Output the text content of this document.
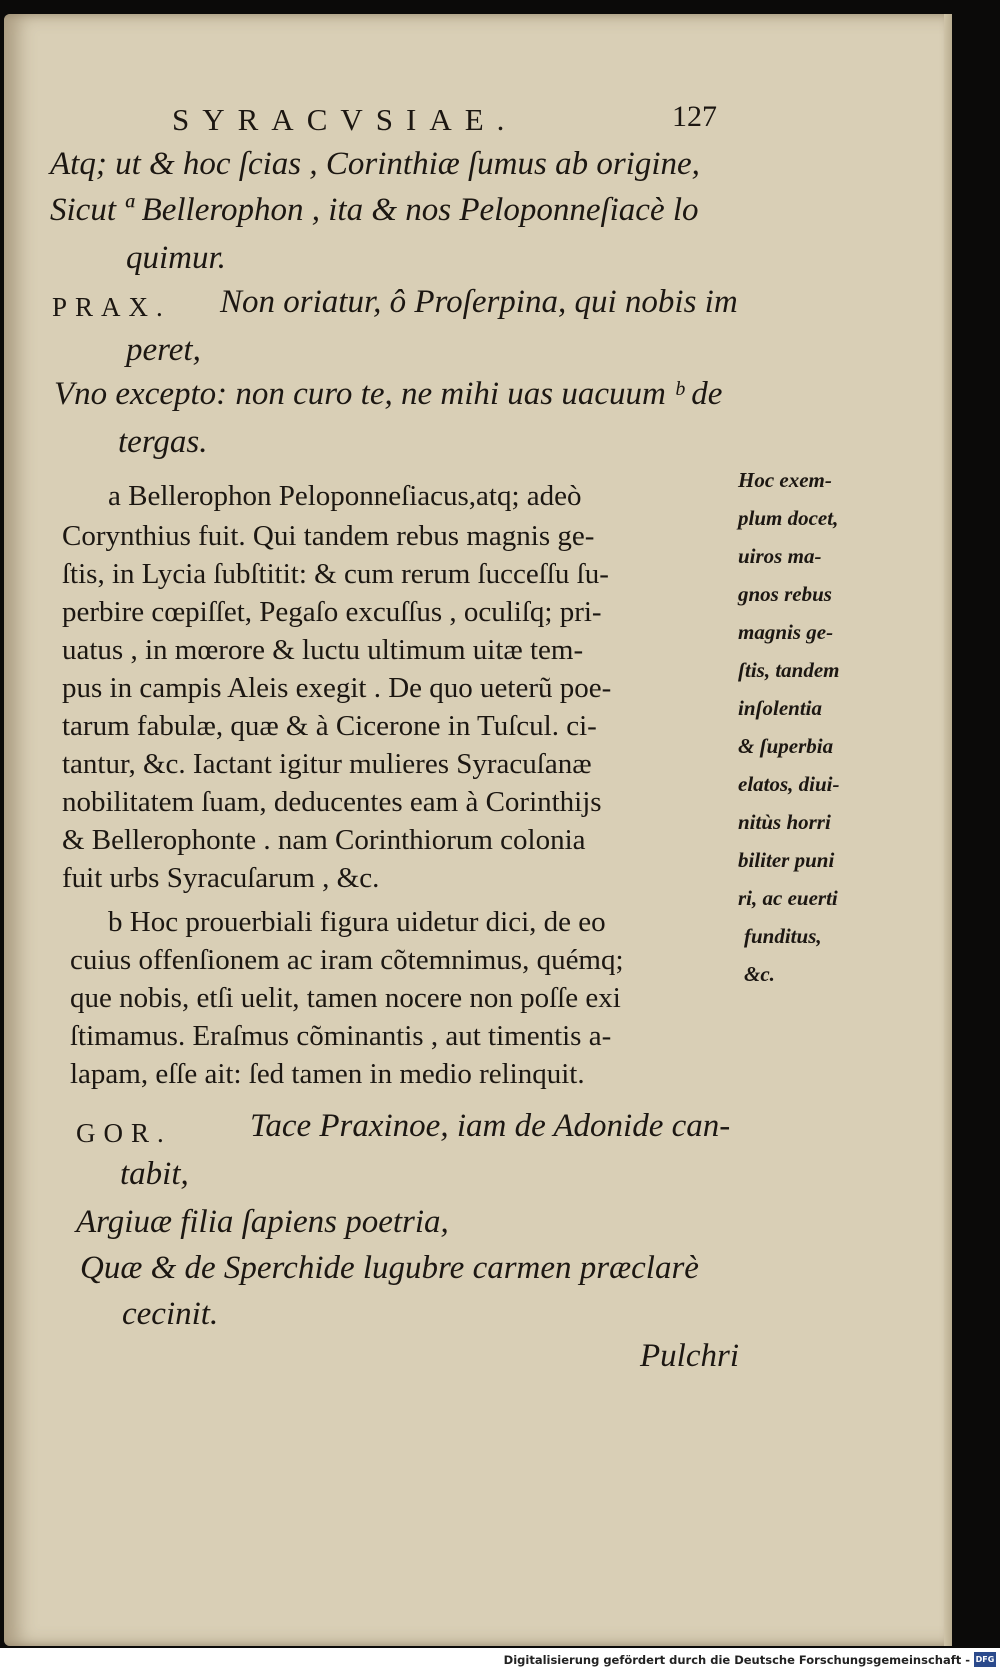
SYRACVSIAE.	127
Atq; ut & hoc ſcias , Corinthiæ ſumus ab origine,
Sicut ª Bellerophon , ita & nos Peloponneſiacè lo
quimur.
PRAX. Non oriatur, ô Proſerpina, qui nobis im
peret,
Vno excepto: non curo te, ne mihi uas uacuum ᵇ de
tergas.
a Bellerophon Peloponneſiacus,atq; adeò
Corynthius fuit. Qui tandem rebus magnis ge-
ſtis, in Lycia ſubſtitit: & cum rerum ſucceſſu ſu-
perbire cœpiſſet, Pegaſo excuſſus , oculiſq; pri-
uatus , in mœrore & luctu ultimum uitæ tem-
pus in campis Aleis exegit . De quo ueterũ poe-
tarum fabulæ, quæ & à Cicerone in Tuſcul. ci-
tantur, &c. Iactant igitur mulieres Syracuſanæ
nobilitatem ſuam, deducentes eam à Corinthijs
& Bellerophonte . nam Corinthiorum colonia
fuit urbs Syracuſarum , &c.
b Hoc prouerbiali figura uidetur dici, de eo
cuius offenſionem ac iram cõtemnimus, quémq;
que nobis, etſi uelit, tamen nocere non poſſe exi
ſtimamus. Eraſmus cõminantis , aut timentis a-
lapam, eſſe ait: ſed tamen in medio relinquit.
Hoc exem-
plum docet,
uiros ma-
gnos rebus
magnis ge-
ſtis, tandem
inſolentia
& ſuperbia
elatos, diui-
nitùs horri
biliter puni
ri, ac euerti
funditus,
&c.
GOR. Tace Praxinoe, iam de Adonide can-
tabit,
Argiuæ filia ſapiens poetria,
Quæ & de Sperchide lugubre carmen præclarè
cecinit.
Pulchri
Digitalisierung gefördert durch die Deutsche Forschungsgemeinschaft - DFG
